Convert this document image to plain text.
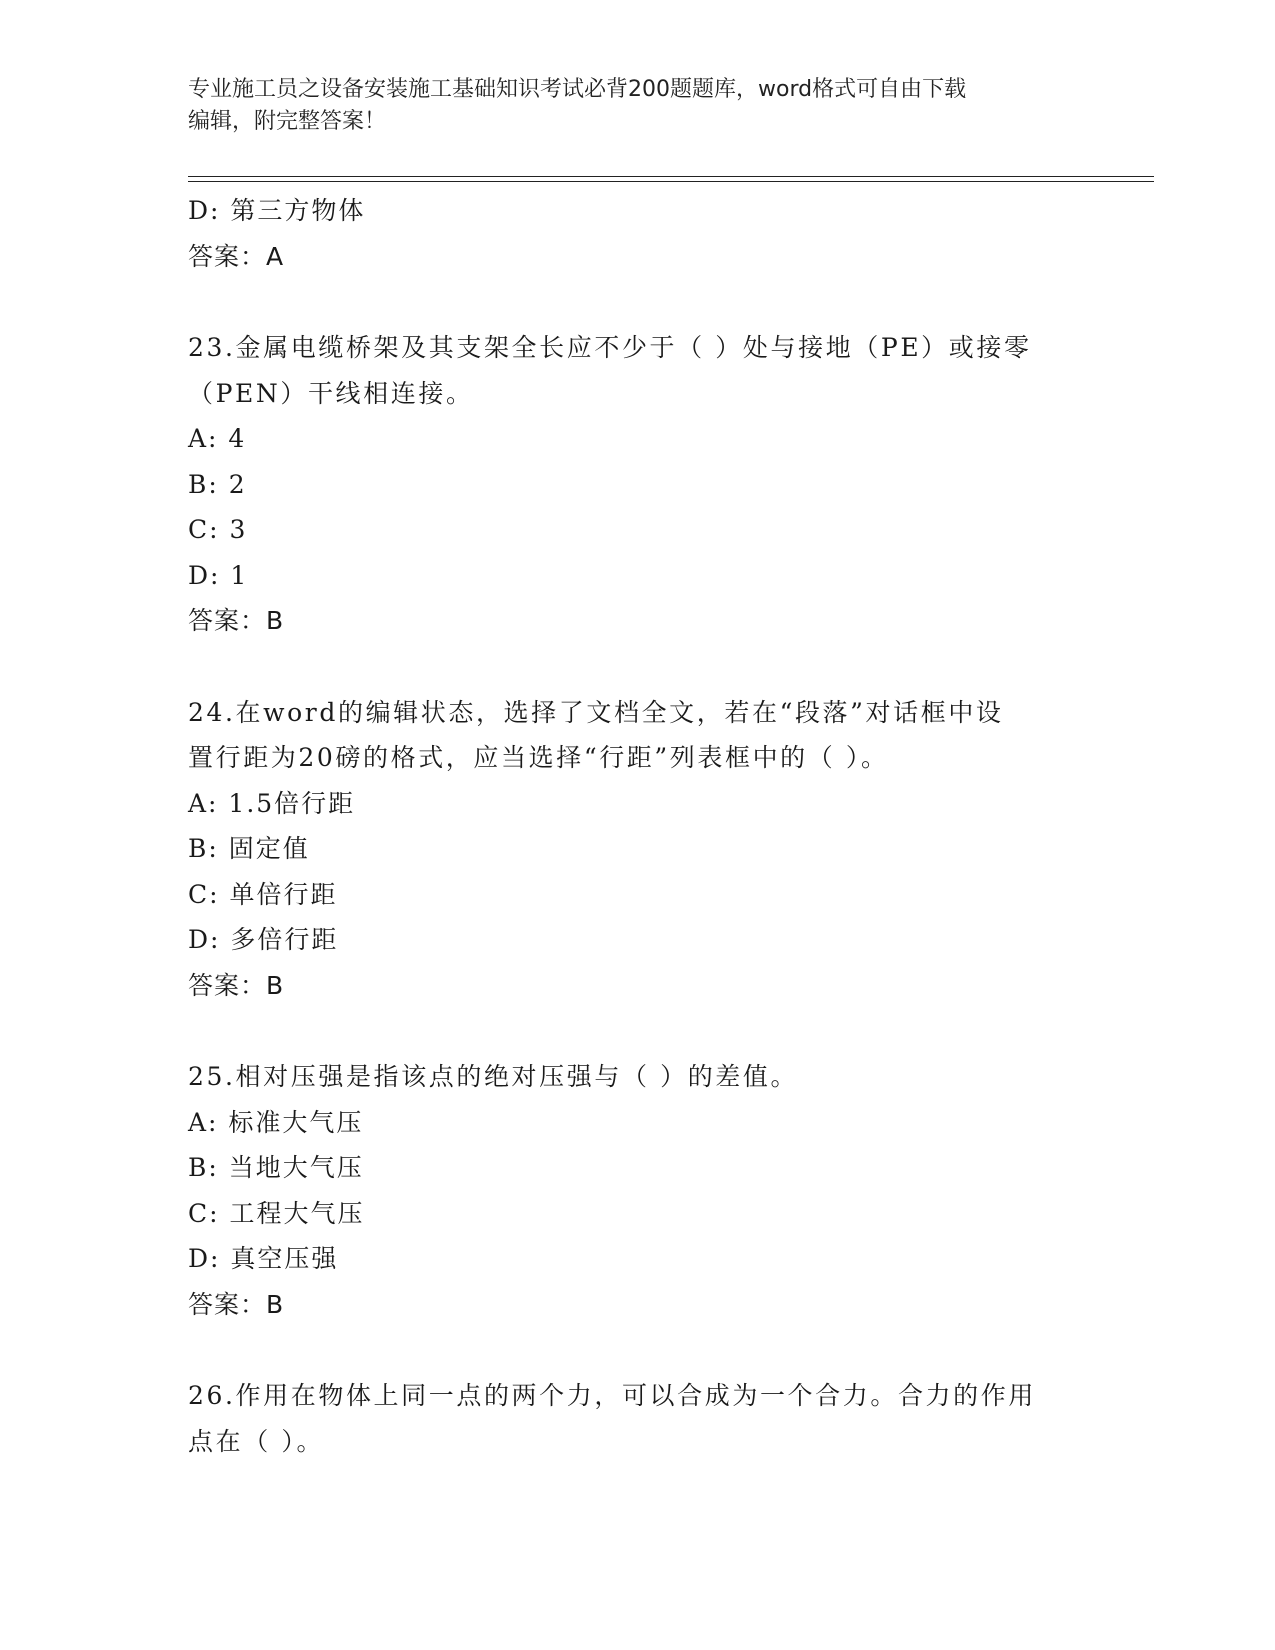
专业施工员之设备安装施工基础知识考试必背200题题库，word格式可自由下载
编辑，附完整答案！
D: 第三方物体
答案：A
23.金属电缆桥架及其支架全长应不少于（ ）处与接地（PE）或接零
（PEN）干线相连接。
A: 4
B: 2
C: 3
D: 1
答案：B
24.在word的编辑状态，选择了文档全文，若在“段落”对话框中设
置行距为20磅的格式，应当选择“行距”列表框中的（ ）。
A: 1.5倍行距
B: 固定值
C: 单倍行距
D: 多倍行距
答案：B
25.相对压强是指该点的绝对压强与（ ）的差值。
A: 标准大气压
B: 当地大气压
C: 工程大气压
D: 真空压强
答案：B
26.作用在物体上同一点的两个力，可以合成为一个合力。合力的作用
点在（ ）。
